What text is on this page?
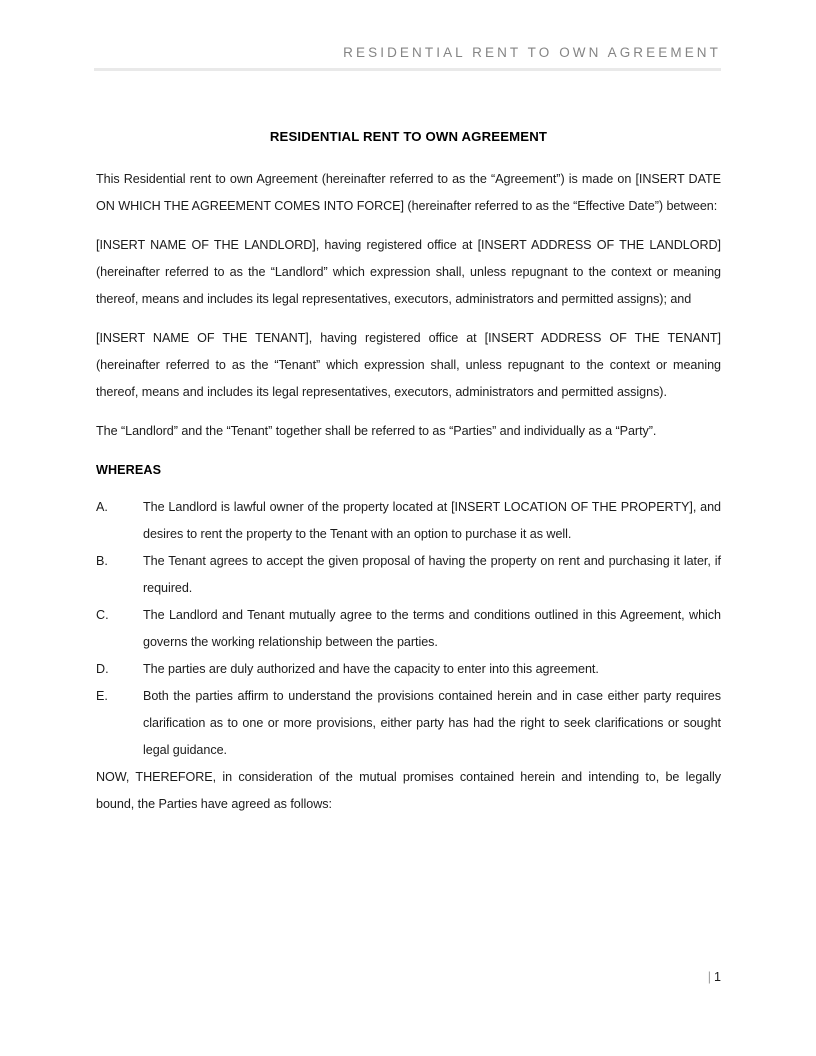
RESIDENTIAL RENT TO OWN AGREEMENT
RESIDENTIAL RENT TO OWN AGREEMENT

This Residential rent to own Agreement (hereinafter referred to as the “Agreement”) is made on [INSERT DATE ON WHICH THE AGREEMENT COMES INTO FORCE] (hereinafter referred to as the “Effective Date”) between:

[INSERT NAME OF THE LANDLORD], having registered office at [INSERT ADDRESS OF THE LANDLORD] (hereinafter referred to as the “Landlord” which expression shall, unless repugnant to the context or meaning thereof, means and includes its legal representatives, executors, administrators and permitted assigns); and

[INSERT NAME OF THE TENANT], having registered office at [INSERT ADDRESS OF THE TENANT] (hereinafter referred to as the “Tenant” which expression shall, unless repugnant to the context or meaning thereof, means and includes its legal representatives, executors, administrators and permitted assigns).

The “Landlord” and the “Tenant” together shall be referred to as “Parties” and individually as a “Party”.

WHEREAS
A.	The Landlord is lawful owner of the property located at [INSERT LOCATION OF THE PROPERTY], and desires to rent the property to the Tenant with an option to purchase it as well.
B.	The Tenant agrees to accept the given proposal of having the property on rent and purchasing it later, if required.
C.	The Landlord and Tenant mutually agree to the terms and conditions outlined in this Agreement, which governs the working relationship between the parties.
D.	The parties are duly authorized and have the capacity to enter into this agreement.
E.	Both the parties affirm to understand the provisions contained herein and in case either party requires clarification as to one or more provisions, either party has had the right to seek clarifications or sought legal guidance.

NOW, THEREFORE, in consideration of the mutual promises contained herein and intending to, be legally bound, the Parties have agreed as follows:

| 1
